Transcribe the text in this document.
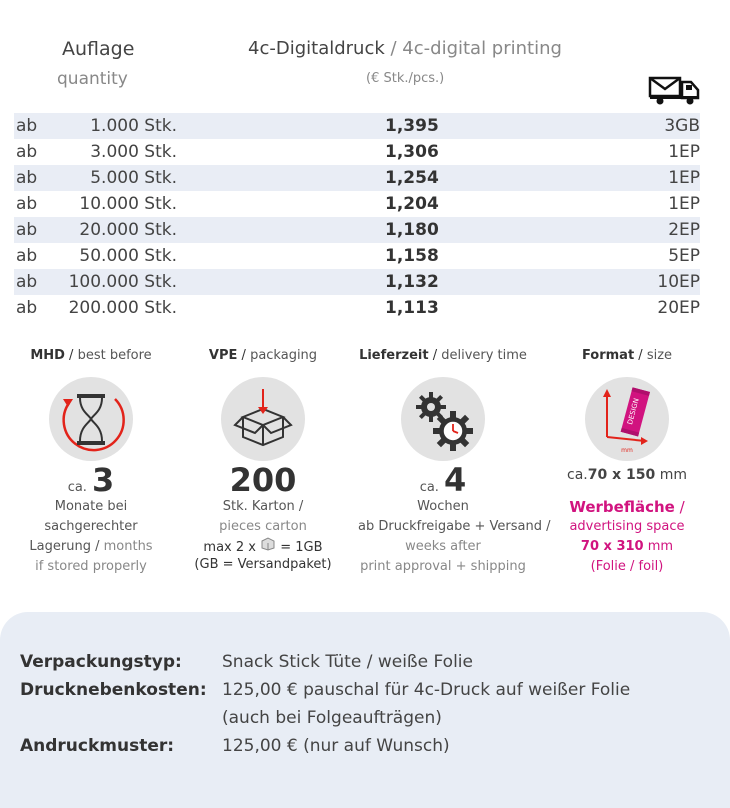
Auflage
quantity
4c-Digitaldruck / 4c-digital printing
(€ Stk./pcs.)
ab	1.000 Stk.	1,395	3GB
ab	3.000 Stk.	1,306	1EP
ab	5.000 Stk.	1,254	1EP
ab 10.000 Stk.	1,204	1EP
ab 20.000 Stk.	1,180	2EP
ab 50.000 Stk.	1,158	5EP
ab 100.000 Stk.	1,132	10EP
ab 200.000 Stk.	1,113	20EP
MHD / best before
ca. 3
Monate bei
sachgerechter
Lagerung / months
if stored properly
VPE / packaging
200
Stk. Karton /
pieces carton
max 2 x = 1GB
(GB = Versandpaket)
Lieferzeit / delivery time
ca. 4
Wochen
ab Druckfreigabe + Versand /
weeks after
print approval + shipping
Format / size
DESIGN
mm
ca.70 x 150 mm
Werbefläche /
advertising space
70 x 310 mm
(Folie / foil)
Verpackungstyp: Snack Stick Tüte / weiße Folie
Drucknebenkosten: 125,00 € pauschal für 4c-Druck auf weißer Folie
(auch bei Folgeaufträgen)
Andruckmuster:	125,00 € (nur auf Wunsch)
